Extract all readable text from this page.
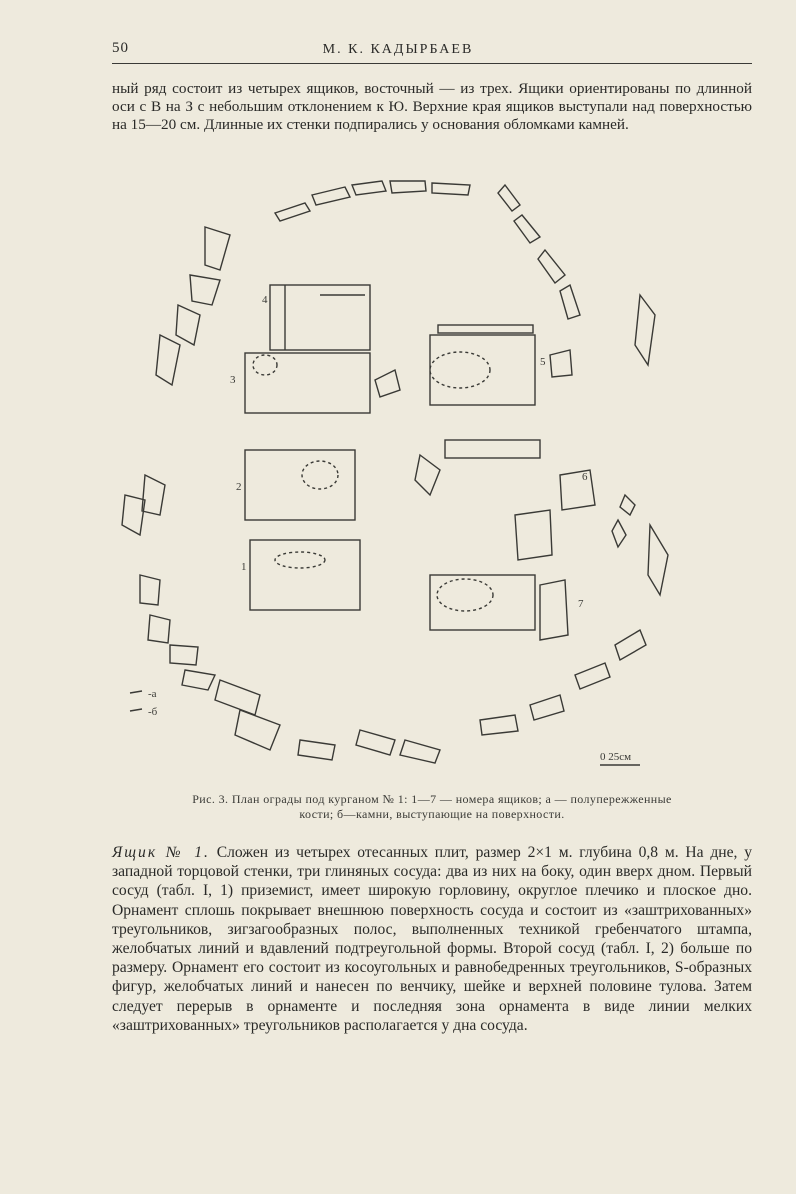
50	М. К. КАДЫРБАЕВ
ный ряд состоит из четырех ящиков, восточный — из трех. Ящики ориентированы по длинной оси с В на З с небольшим отклонением к Ю. Верхние края ящиков выступали над поверхностью на 15—20 см. Длинные их стенки подпирались у основания обломками камней.
4
3
2
1
5
6
7
-а
-б
0 25см
Рис. 3. План ограды под курганом № 1: 1—7 — номера ящиков; а — полупережженные
кости; б—камни, выступающие на поверхности.
Ящик № 1. Сложен из четырех отесанных плит, размер 2×1 м. глубина 0,8 м. На дне, у западной торцовой стенки, три глиняных сосуда: два из них на боку, один вверх дном. Первый сосуд (табл. I, 1) приземист, имеет широкую горловину, округлое плечико и плоское дно. Орнамент сплошь покрывает внешнюю поверхность сосуда и состоит из «заштрихованных» треугольников, зигзагообразных полос, выполненных техникой гребенчатого штампа, желобчатых линий и вдавлений подтреугольной формы. Второй сосуд (табл. I, 2) больше по размеру. Орнамент его состоит из косоугольных и равнобедренных треугольников, S-образных фигур, желобчатых линий и нанесен по венчику, шейке и верхней половине тулова. Затем следует перерыв в орнаменте и последняя зона орнамента в виде линии мелких «заштрихованных» треугольников располагается у дна сосуда.
